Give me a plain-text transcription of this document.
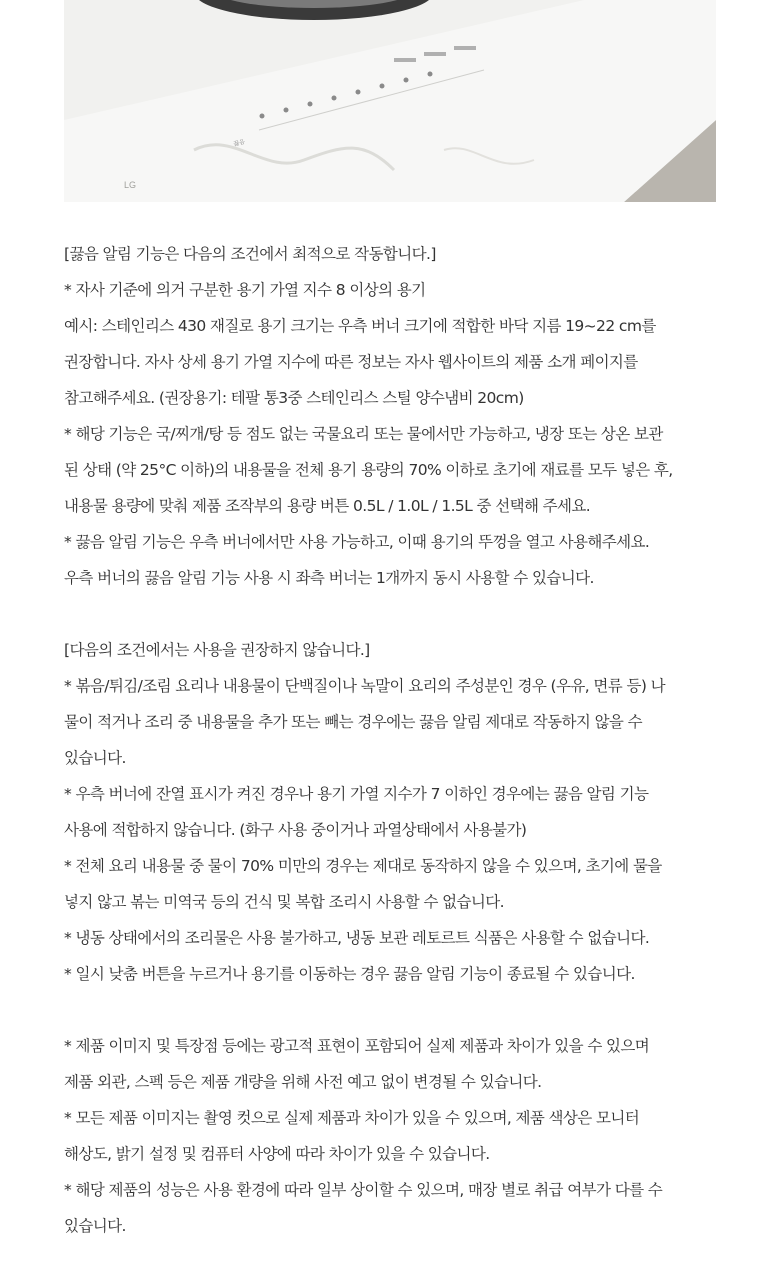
끓음
LG

[끓음 알림 기능은 다음의 조건에서 최적으로 작동합니다.]

* 자사 기준에 의거 구분한 용기 가열 지수 8 이상의 용기
예시: 스테인리스 430 재질로 용기 크기는 우측 버너 크기에 적합한 바닥 지름 19~22 cm를
권장합니다. 자사 상세 용기 가열 지수에 따른 정보는 자사 웹사이트의 제품 소개 페이지를
참고해주세요. (권장용기: 테팔 통3중 스테인리스 스틸 양수냄비 20cm)

* 해당 기능은 국/찌개/탕 등 점도 없는 국물요리 또는 물에서만 가능하고, 냉장 또는 상온 보관
된 상태 (약 25°C 이하)의 내용물을 전체 용기 용량의 70% 이하로 초기에 재료를 모두 넣은 후,
내용물 용량에 맞춰 제품 조작부의 용량 버튼 0.5L / 1.0L / 1.5L 중 선택해 주세요.

* 끓음 알림 기능은 우측 버너에서만 사용 가능하고, 이때 용기의 뚜껑을 열고 사용해주세요.
우측 버너의 끓음 알림 기능 사용 시 좌측 버너는 1개까지 동시 사용할 수 있습니다.

[다음의 조건에서는 사용을 권장하지 않습니다.]

* 볶음/튀김/조림 요리나 내용물이 단백질이나 녹말이 요리의 주성분인 경우 (우유, 면류 등) 나
물이 적거나 조리 중 내용물을 추가 또는 빼는 경우에는 끓음 알림 제대로 작동하지 않을 수
있습니다.

* 우측 버너에 잔열 표시가 켜진 경우나 용기 가열 지수가 7 이하인 경우에는 끓음 알림 기능
사용에 적합하지 않습니다. (화구 사용 중이거나 과열상태에서 사용불가)

* 전체 요리 내용물 중 물이 70% 미만의 경우는 제대로 동작하지 않을 수 있으며, 초기에 물을
넣지 않고 볶는 미역국 등의 건식 및 복합 조리시 사용할 수 없습니다.

* 냉동 상태에서의 조리물은 사용 불가하고, 냉동 보관 레토르트 식품은 사용할 수 없습니다.

* 일시 낮춤 버튼을 누르거나 용기를 이동하는 경우 끓음 알림 기능이 종료될 수 있습니다.

* 제품 이미지 및 특장점 등에는 광고적 표현이 포함되어 실제 제품과 차이가 있을 수 있으며
제품 외관, 스펙 등은 제품 개량을 위해 사전 예고 없이 변경될 수 있습니다.

* 모든 제품 이미지는 촬영 컷으로 실제 제품과 차이가 있을 수 있으며, 제품 색상은 모니터
해상도, 밝기 설정 및 컴퓨터 사양에 따라 차이가 있을 수 있습니다.

* 해당 제품의 성능은 사용 환경에 따라 일부 상이할 수 있으며, 매장 별로 취급 여부가 다를 수
있습니다.
